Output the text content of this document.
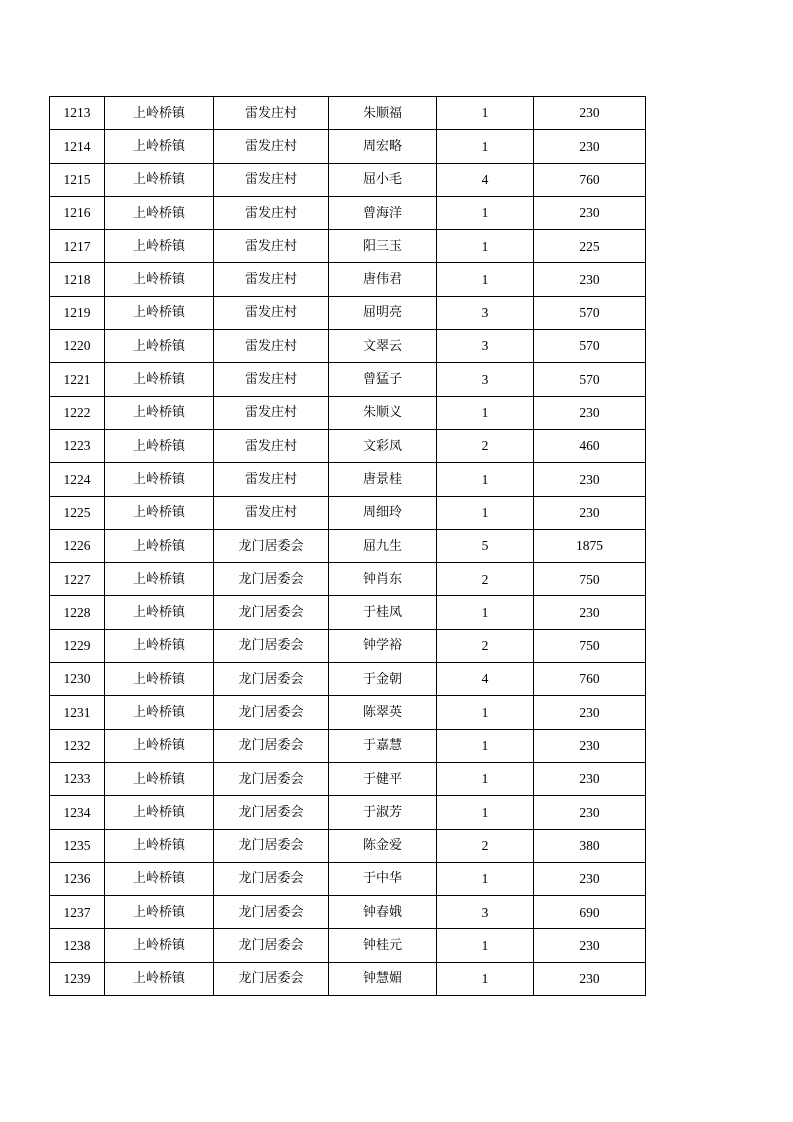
1213	上岭桥镇	雷发庄村	朱顺福	1	230
1214	上岭桥镇	雷发庄村	周宏略	1	230
1215	上岭桥镇	雷发庄村	屈小毛	4	760
1216	上岭桥镇	雷发庄村	曾海洋	1	230
1217	上岭桥镇	雷发庄村	阳三玉	1	225
1218	上岭桥镇	雷发庄村	唐伟君	1	230
1219	上岭桥镇	雷发庄村	屈明亮	3	570
1220	上岭桥镇	雷发庄村	文翠云	3	570
1221	上岭桥镇	雷发庄村	曾猛子	3	570
1222	上岭桥镇	雷发庄村	朱顺义	1	230
1223	上岭桥镇	雷发庄村	文彩凤	2	460
1224	上岭桥镇	雷发庄村	唐景桂	1	230
1225	上岭桥镇	雷发庄村	周细玲	1	230
1226	上岭桥镇	龙门居委会	屈九生	5	1875
1227	上岭桥镇	龙门居委会	钟肖东	2	750
1228	上岭桥镇	龙门居委会	于桂凤	1	230
1229	上岭桥镇	龙门居委会	钟学裕	2	750
1230	上岭桥镇	龙门居委会	于金朝	4	760
1231	上岭桥镇	龙门居委会	陈翠英	1	230
1232	上岭桥镇	龙门居委会	于嘉慧	1	230
1233	上岭桥镇	龙门居委会	于健平	1	230
1234	上岭桥镇	龙门居委会	于淑芳	1	230
1235	上岭桥镇	龙门居委会	陈金爱	2	380
1236	上岭桥镇	龙门居委会	于中华	1	230
1237	上岭桥镇	龙门居委会	钟春娥	3	690
1238	上岭桥镇	龙门居委会	钟桂元	1	230
1239	上岭桥镇	龙门居委会	钟慧媚	1	230
